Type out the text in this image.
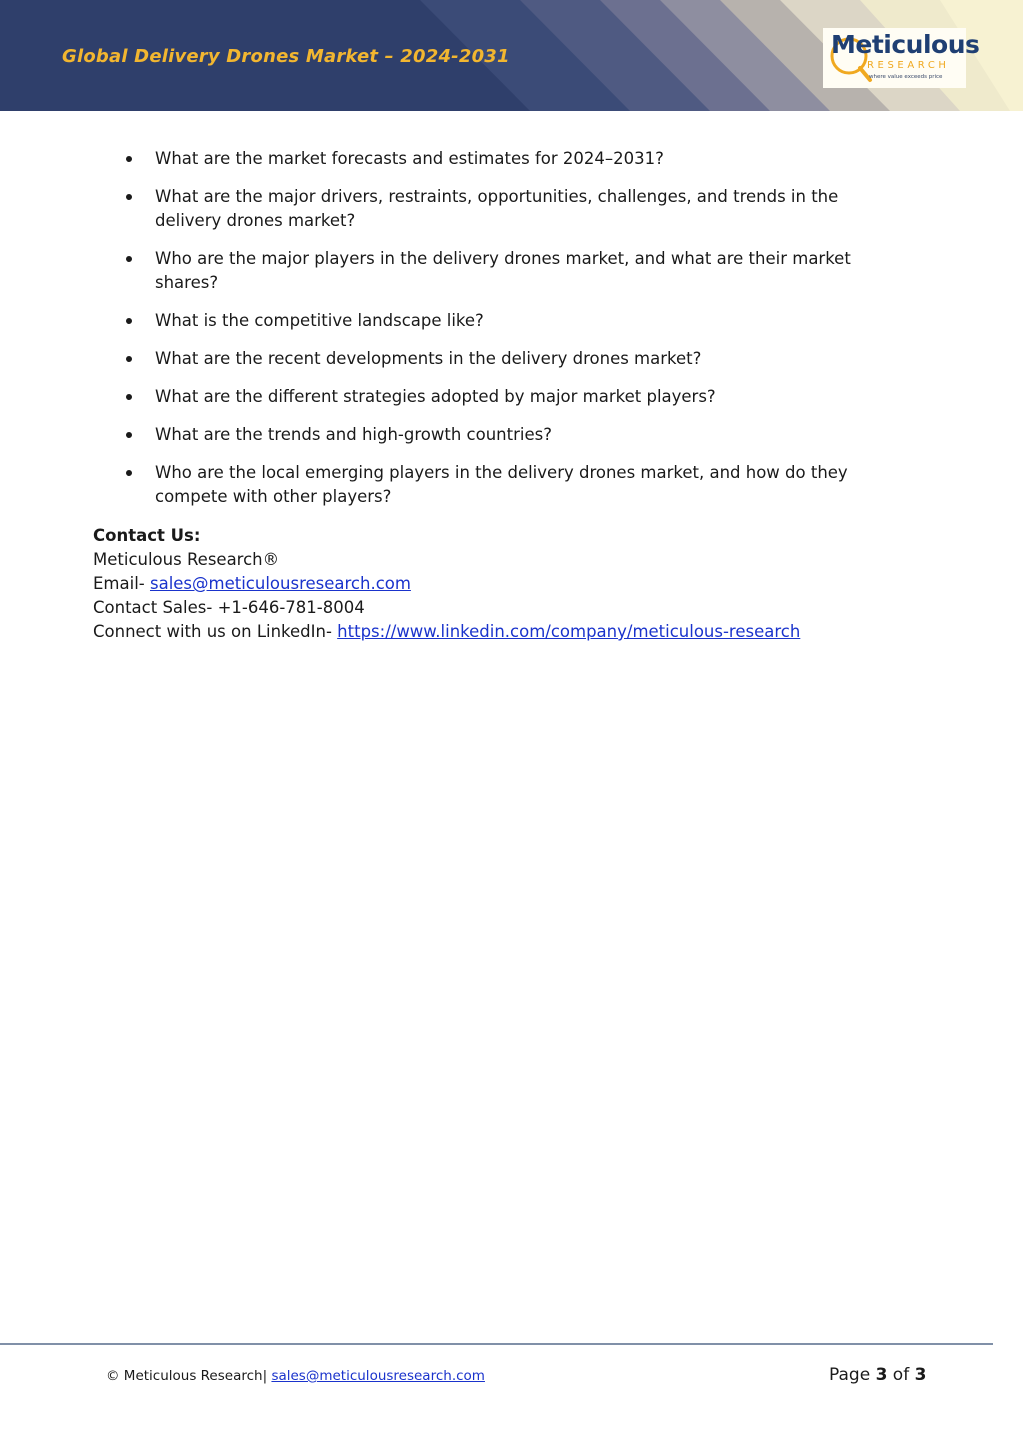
Global Delivery Drones Market – 2024-2031	Meticulous

RESEARCH
where value exceeds price
What are the market forecasts and estimates for 2024–2031?
What are the major drivers, restraints, opportunities, challenges, and trends in the delivery drones market?
Who are the major players in the delivery drones market, and what are their market shares?
What is the competitive landscape like?
What are the recent developments in the delivery drones market?
What are the different strategies adopted by major market players?
What are the trends and high-growth countries?
Who are the local emerging players in the delivery drones market, and how do they compete with other players?
Contact Us:
Meticulous Research®
Email- sales@meticulousresearch.com
Contact Sales- +1-646-781-8004
Connect with us on LinkedIn- https://www.linkedin.com/company/meticulous-research
© Meticulous Research| sales@meticulousresearch.com	Page 3 of 3
